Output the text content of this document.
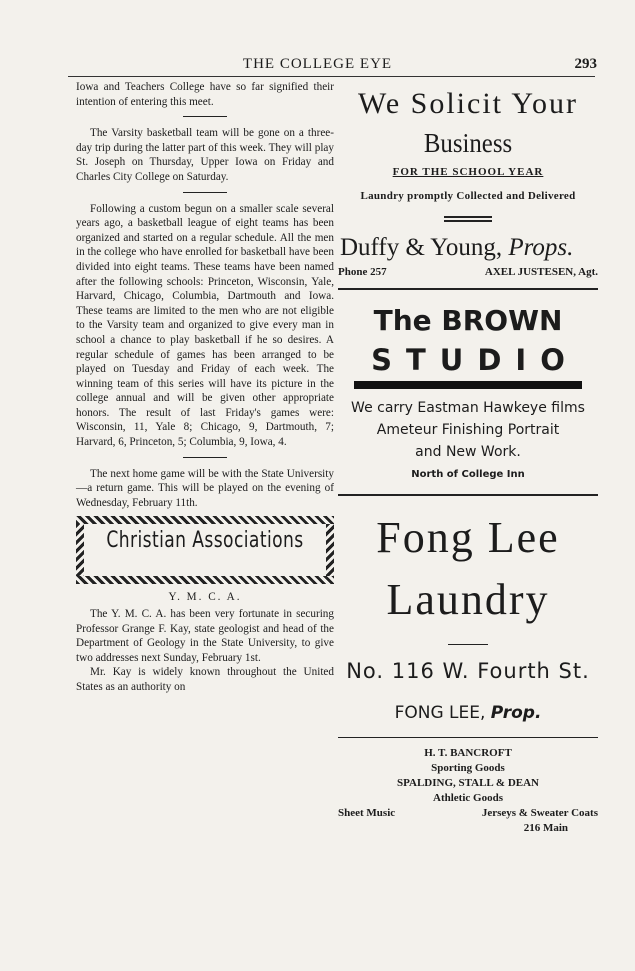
THE COLLEGE EYE	293

Iowa and Teachers College have so far signified their intention of entering this meet.

The Varsity basketball team will be gone on a three-day trip during the latter part of this week. They will play St. Joseph on Thursday, Upper Iowa on Friday and Charles City College on Saturday.

Following a custom begun on a smaller scale several years ago, a basketball league of eight teams has been organized and started on a regular schedule. All the men in the college who have enrolled for basketball have been divided into eight teams. These teams have been named after the following schools: Princeton, Wisconsin, Yale, Harvard, Chicago, Columbia, Dartmouth and Iowa. These teams are limited to the men who are not eligible to the Varsity team and organized to give every man in school a chance to play basketball if he so desires. A regular schedule of games has been arranged to be played on Tuesday and Friday of each week. The winning team of this series will have its picture in the college annual and will be given other appropriate honors. The result of last Friday's games were: Wisconsin, 11, Yale 8; Chicago, 9, Dartmouth, 7; Harvard, 6, Princeton, 5; Columbia, 9, Iowa, 4.

The next home game will be with the State University—a return game. This will be played on the evening of Wednesday, February 11th.

Christian Associations
Y. M. C. A.

The Y. M. C. A. has been very fortunate in securing Professor Grange F. Kay, state geologist and head of the Department of Geology in the State University, to give two addresses next Sunday, February 1st.

Mr. Kay is widely known throughout the United States as an authority on

We Solicit Your
Business
FOR THE SCHOOL YEAR
Laundry promptly Collected and Delivered
Duffy & Young, Props.
Phone 257	AXEL JUSTESEN, Agt.
The BROWN
STUDIO
We carry Eastman Hawkeye films
Ameteur Finishing Portrait
and New Work.
North of College Inn
Fong Lee
Laundry
No. 116 W. Fourth St.
FONG LEE, Prop.
H. T. BANCROFT
Sporting Goods
SPALDING, STALL & DEAN
Athletic Goods
Sheet Music	Jerseys & Sweater Coats
216 Main
